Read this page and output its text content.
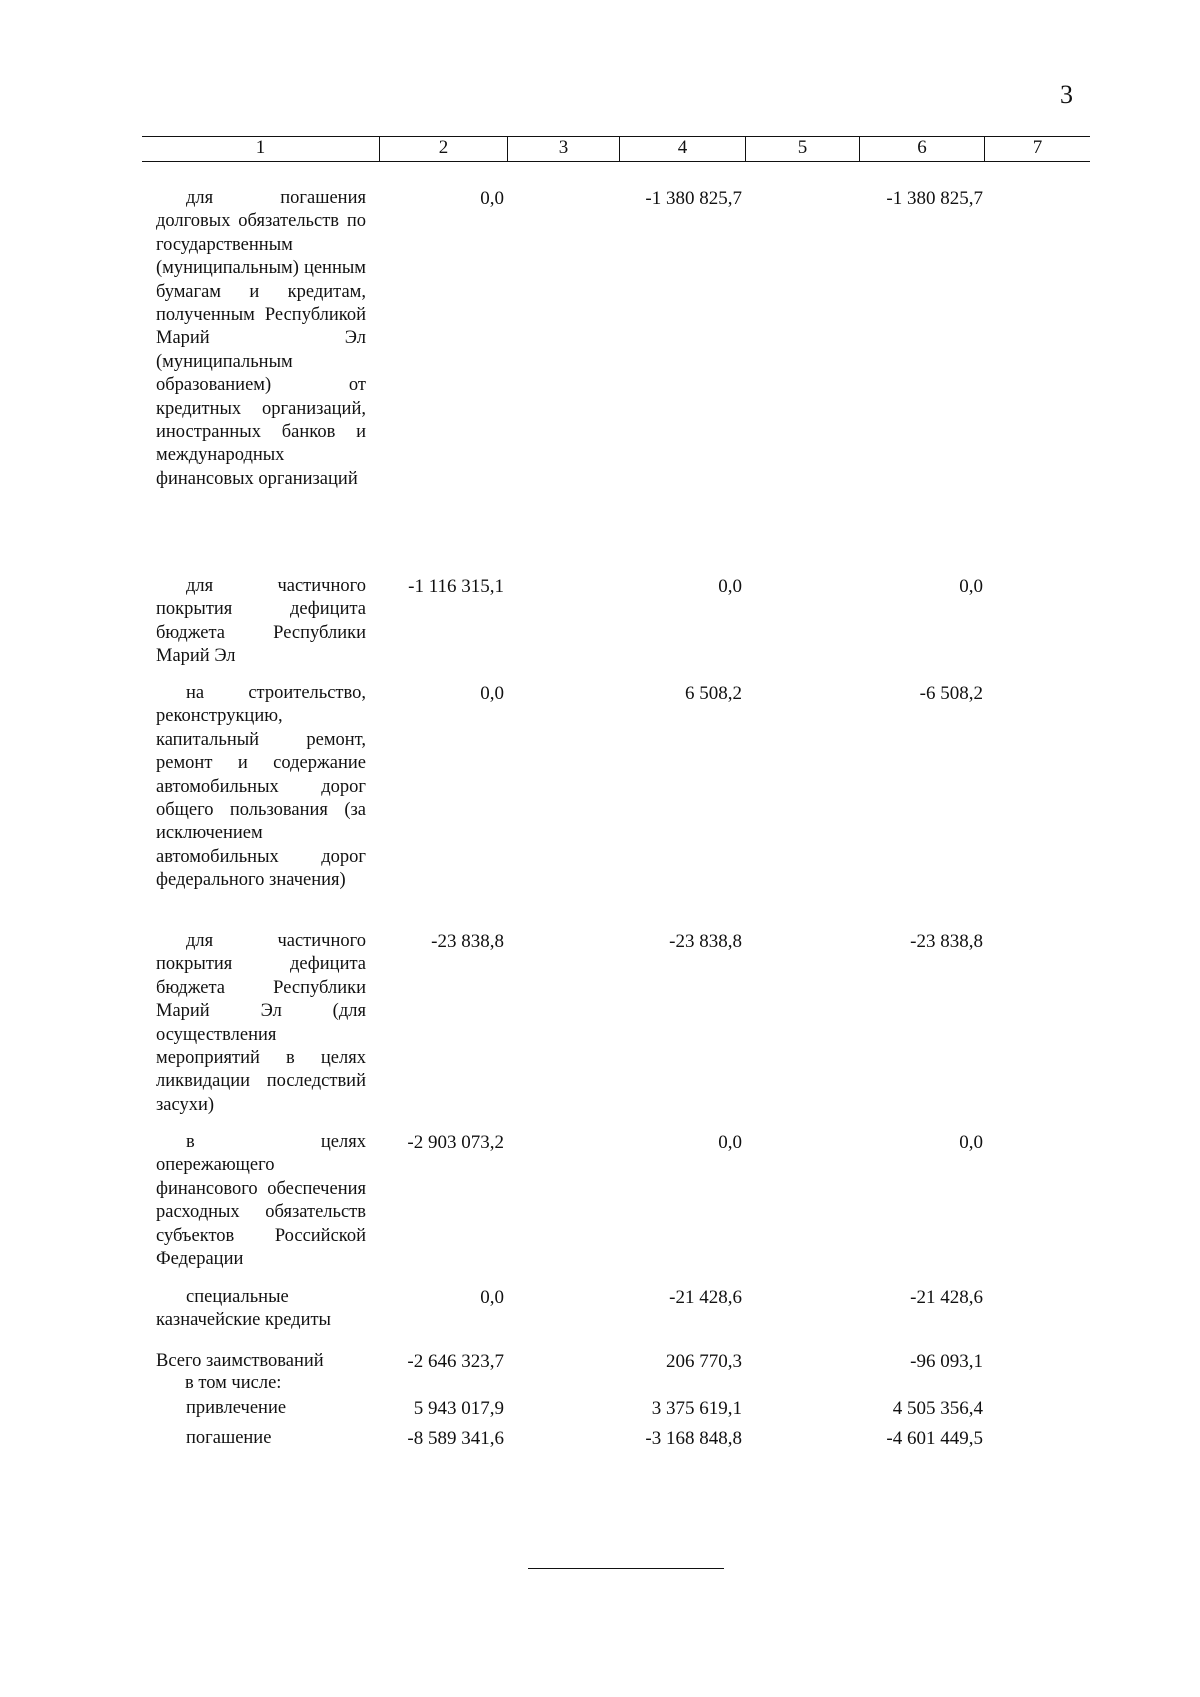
3
1	2	3	4	5	6	7
для погашения долговых обязательств по государственным (муниципальным) ценным бумагам и кредитам, полученным Республикой Марий Эл (муниципальным образованием) от кредитных организаций, иностранных банков и международных финансовых организаций
0,0	-1 380 825,7	-1 380 825,7
для частичного покрытия дефицита бюджета Республики Марий Эл
-1 116 315,1	0,0	0,0
на строительство, реконструкцию, капитальный ремонт, ремонт и содержание автомобильных дорог общего пользования (за исключением автомобильных дорог федерального значения)
0,0	6 508,2	-6 508,2
для частичного покрытия дефицита бюджета Республики Марий Эл (для осуществления мероприятий в целях ликвидации последствий засухи)
-23 838,8	-23 838,8	-23 838,8
в целях опережающего финансового обеспечения расходных обязательств субъектов Российской Федерации
-2 903 073,2	0,0	0,0
специальные казначейские кредиты
0,0	-21 428,6	-21 428,6
Всего заимствований	-2 646 323,7	206 770,3	-96 093,1
в том числе:
привлечение	5 943 017,9	3 375 619,1	4 505 356,4
погашение	-8 589 341,6	-3 168 848,8	-4 601 449,5
